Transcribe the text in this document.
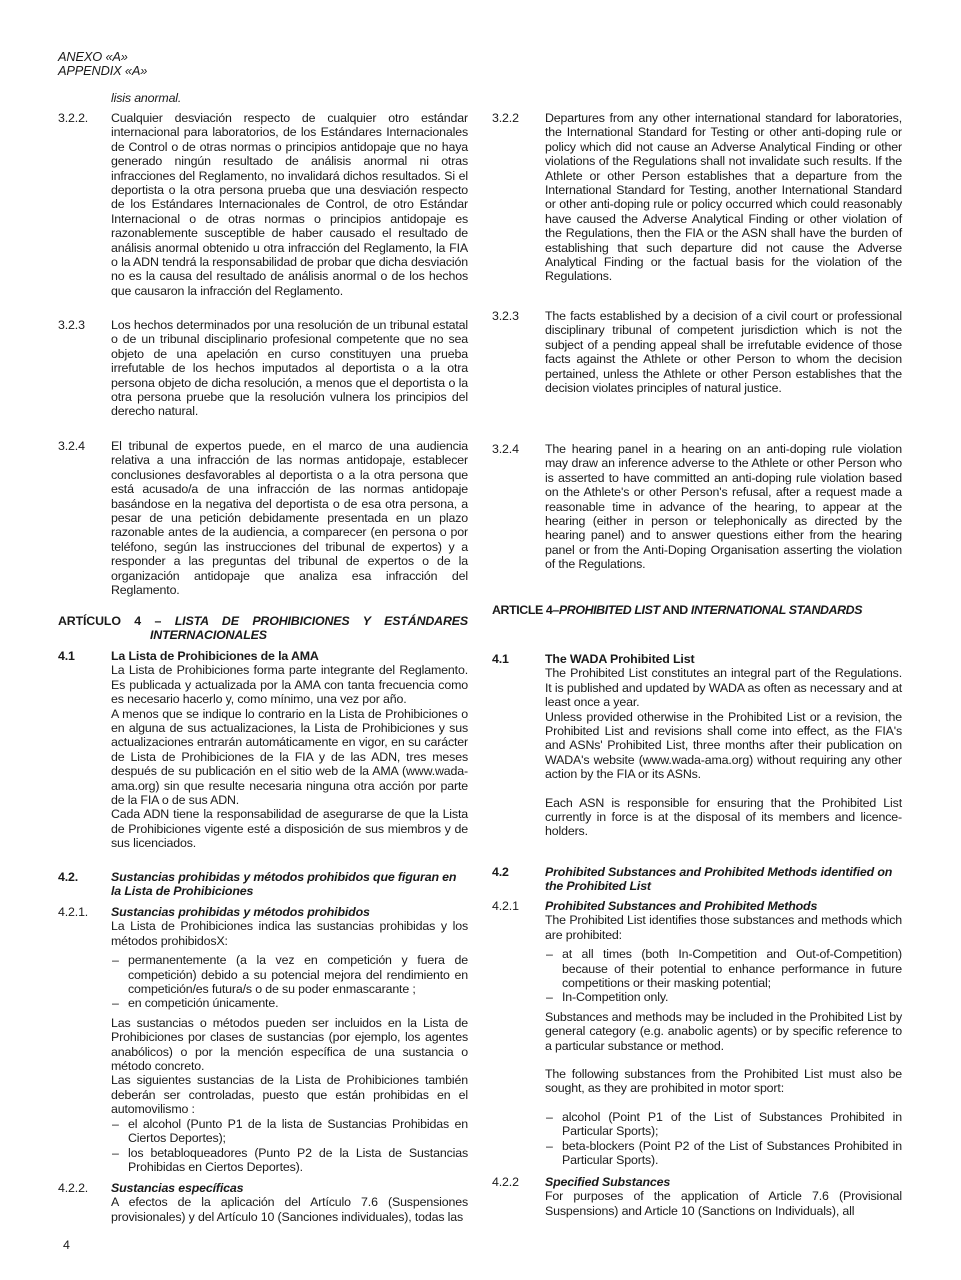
ANEXO «A»
APPENDIX «A»
lisis anormal.
3.2.2. Cualquier desviación respecto de cualquier otro estándar internacional para laboratorios, de los Estándares Internacionales de Control o de otras normas o principios antidopaje que no haya generado ningún resultado de análisis anormal ni otras infracciones del Reglamento, no invalidará dichos resultados. Si el deportista o la otra persona prueba que una desviación respecto de los Estándares Internacionales de Control, de otro Estándar Internacional o de otras normas o principios antidopaje es razonablemente susceptible de haber causado el resultado de análisis anormal obtenido u otra infracción del Reglamento, la FIA o la ADN tendrá la responsabilidad de probar que dicha desviación no es la causa del resultado de análisis anormal o de los hechos que causaron la infracción del Reglamento.
3.2.3 Los hechos determinados por una resolución de un tribunal estatal o de un tribunal disciplinario profesional competente que no sea objeto de una apelación en curso constituyen una prueba irrefutable de los hechos imputados al deportista o a la otra persona objeto de dicha resolución, a menos que el deportista o la otra persona pruebe que la resolución vulnera los principios del derecho natural.
3.2.4 El tribunal de expertos puede, en el marco de una audiencia relativa a una infracción de las normas antidopaje, establecer conclusiones desfavorables al deportista o a la otra persona que está acusado/a de una infracción de las normas antidopaje basándose en la negativa del deportista o de esa otra persona, a pesar de una petición debidamente presentada en un plazo razonable antes de la audiencia, a comparecer (en persona o por teléfono, según las instrucciones del tribunal de expertos) y a responder a las preguntas del tribunal de expertos o de la organización antidopaje que analiza esa infracción del Reglamento.
ARTÍCULO 4 – LISTA DE PROHIBICIONES Y ESTÁNDARES
INTERNACIONALES
4.1	La Lista de Prohibiciones de la AMA

La Lista de Prohibiciones forma parte integrante del Reglamento. Es publicada y actualizada por la AMA con tanta frecuencia como es necesario hacerlo y, como mínimo, una vez por año.

A menos que se indique lo contrario en la Lista de Prohibiciones o en alguna de sus actualizaciones, la Lista de Prohibiciones y sus actualizaciones entrarán automáticamente en vigor, en su carácter de Lista de Prohibiciones de la FIA y de las ADN, tres meses después de su publicación en el sitio web de la AMA (www.wada-ama.org) sin que resulte necesaria ninguna otra acción por parte de la FIA o de sus ADN.

Cada ADN tiene la responsabilidad de asegurarse de que la Lista de Prohibiciones vigente esté a disposición de sus miembros y de sus licenciados.

4.2.	Sustancias prohibidas y métodos prohibidos que figuran en la Lista de Prohibiciones

4.2.1. Sustancias prohibidas y métodos prohibidos

La Lista de Prohibiciones indica las sustancias prohibidas y los métodos prohibidosX:

– permanentemente (a la vez en competición y fuera de competición) debido a su potencial mejora del rendimiento en competición/es futura/s o de su poder enmascarante ;
– en competición únicamente.

Las sustancias o métodos pueden ser incluidos en la Lista de Prohibiciones por clases de sustancias (por ejemplo, los agentes anabólicos) o por la mención específica de una sustancia o método concreto.

Las siguientes sustancias de la Lista de Prohibiciones también deberán ser controladas, puesto que están prohibidas en el automovilismo :

– el alcohol (Punto P1 de la lista de Sustancias Prohibidas en Ciertos Deportes);
– los betabloqueadores (Punto P2 de la Lista de Sustancias Prohibidas en Ciertos Deportes).
4.2.2. Sustancias específicas

A efectos de la aplicación del Artículo 7.6 (Suspensiones provisionales) y del Artículo 10 (Sanciones individuales), todas las

3.2.2 Departures from any other international standard for laboratories, the International Standard for Testing or other anti-doping rule or policy which did not cause an Adverse Analytical Finding or other violations of the Regulations shall not invalidate such results. If the Athlete or other Person establishes that a departure from the International Standard for Testing, another International Standard or other anti-doping rule or policy occurred which could reasonably have caused the Adverse Analytical Finding or other violation of the Regulations, then the FIA or the ASN shall have the burden of establishing that such departure did not cause the Adverse Analytical Finding or the factual basis for the violation of the Regulations.
3.2.3 The facts established by a decision of a civil court or professional disciplinary tribunal of competent jurisdiction which is not the subject of a pending appeal shall be irrefutable evidence of those facts against the Athlete or other Person to whom the decision pertained, unless the Athlete or other Person establishes that the decision violates principles of natural justice.
3.2.4 The hearing panel in a hearing on an anti-doping rule violation may draw an inference adverse to the Athlete or other Person who is asserted to have committed an anti-doping rule violation based on the Athlete's or other Person's refusal, after a request made a reasonable time in advance of the hearing, to appear at the hearing (either in person or telephonically as directed by the hearing panel) and to answer questions either from the hearing panel or from the Anti-Doping Organisation asserting the violation of the Regulations.
ARTICLE 4–PROHIBITED LIST AND INTERNATIONAL STANDARDS
4.1	The WADA Prohibited List

The Prohibited List constitutes an integral part of the Regulations. It is published and updated by WADA as often as necessary and at least once a year.

Unless provided otherwise in the Prohibited List or a revision, the Prohibited List and revisions shall come into effect, as the FIA's and ASNs' Prohibited List, three months after their publication on WADA's website (www.wada-ama.org) without requiring any other action by the FIA or its ASNs.

Each ASN is responsible for ensuring that the Prohibited List currently in force is at the disposal of its members and licence-holders.

4.2	Prohibited Substances and Prohibited Methods identified on the Prohibited List

4.2.1 Prohibited Substances and Prohibited Methods

The Prohibited List identifies those substances and methods which are prohibited:

– at all times (both In-Competition and Out-of-Competition) because of their potential to enhance performance in future competitions or their masking potential;
– In-Competition only.

Substances and methods may be included in the Prohibited List by general category (e.g. anabolic agents) or by specific reference to a particular substance or method.

The following substances from the Prohibited List must also be sought, as they are prohibited in motor sport:

– alcohol (Point P1 of the List of Substances Prohibited in Particular Sports);
– beta-blockers (Point P2 of the List of Substances Prohibited in Particular Sports).
4.2.2 Specified Substances

For purposes of the application of Article 7.6 (Provisional Suspensions) and Article 10 (Sanctions on Individuals), all

4
